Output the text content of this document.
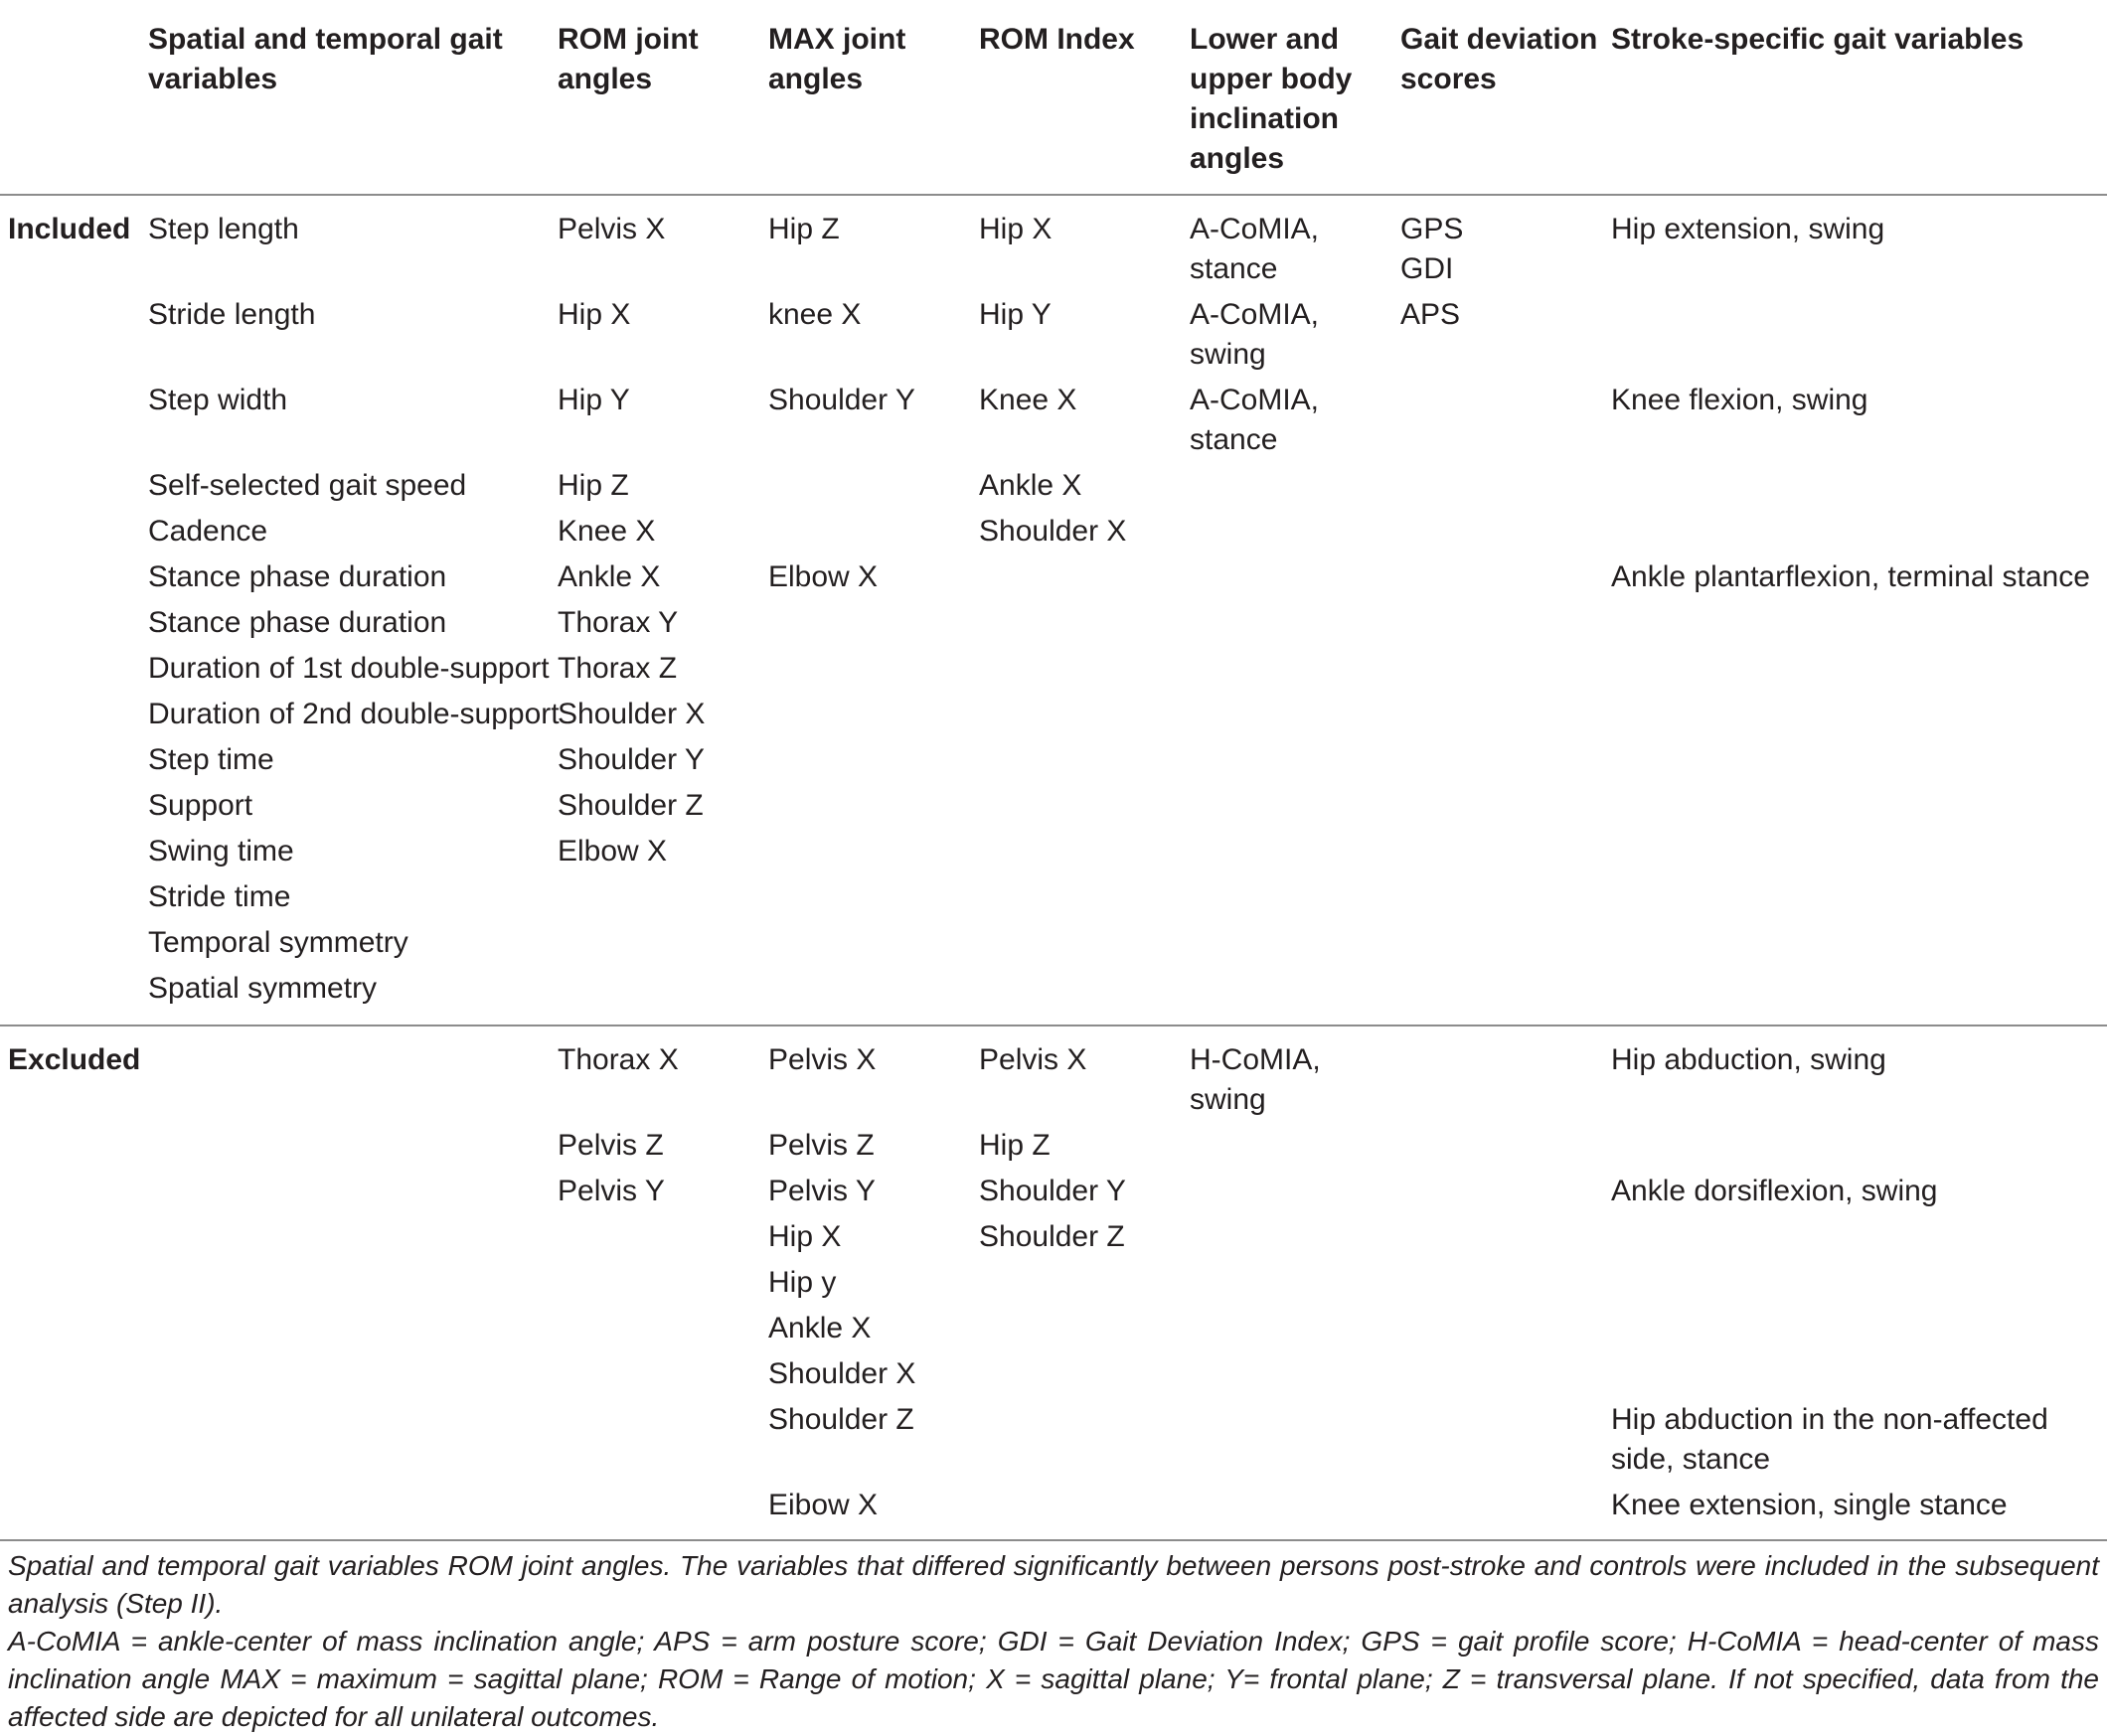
Spatial and temporal gait variables
ROM joint angles
MAX joint angles
ROM Index	Lower and upper body inclination angles
Gait deviation scores
Stroke-specific gait variables
Included Step length
Stride length
Step width
Self-selected gait speed
Cadence
Stance phase duration
Stance phase duration
Duration of 1st double-support
Duration of 2nd double-support
Step time
Support
Swing time
Stride time
Temporal symmetry
Spatial symmetry
Pelvis X
Hip X
Hip Y
Hip Z
Knee X
Ankle X
Thorax Y
Thorax Z
Shoulder X
Shoulder Y
Shoulder Z
Elbow X
Hip Z
knee X
Shoulder Y
Elbow X
Hip X
Hip Y
Knee X
Ankle X
Shoulder X
A-CoMIA, stance
A-CoMIA, swing
A-CoMIA, stance
GPS
GDI
APS
Hip extension, swing
Knee flexion, swing
Ankle plantarflexion, terminal stance
Excluded	Thorax X
Pelvis Z
Pelvis Y
Pelvis X
Pelvis Z
Pelvis Y
Hip X
Hip y
Ankle X
Shoulder X
Shoulder Z
Eibow X
Pelvis X
Hip Z
Shoulder Y
Shoulder Z
H-CoMIA, swing
Hip abduction, swing
Ankle dorsiflexion, swing
Hip abduction in the non-affected side, stance
Knee extension, single stance
Spatial and temporal gait variables ROM joint angles. The variables that differed significantly between persons post-stroke and controls were included in the subsequent analysis (Step II).
A-CoMIA = ankle-center of mass inclination angle; APS = arm posture score; GDI = Gait Deviation Index; GPS = gait profile score; H-CoMIA = head-center of mass inclination angle MAX = maximum = sagittal plane; ROM = Range of motion; X = sagittal plane; Y= frontal plane; Z = transversal plane. If not specified, data from the affected side are depicted for all unilateral outcomes.
